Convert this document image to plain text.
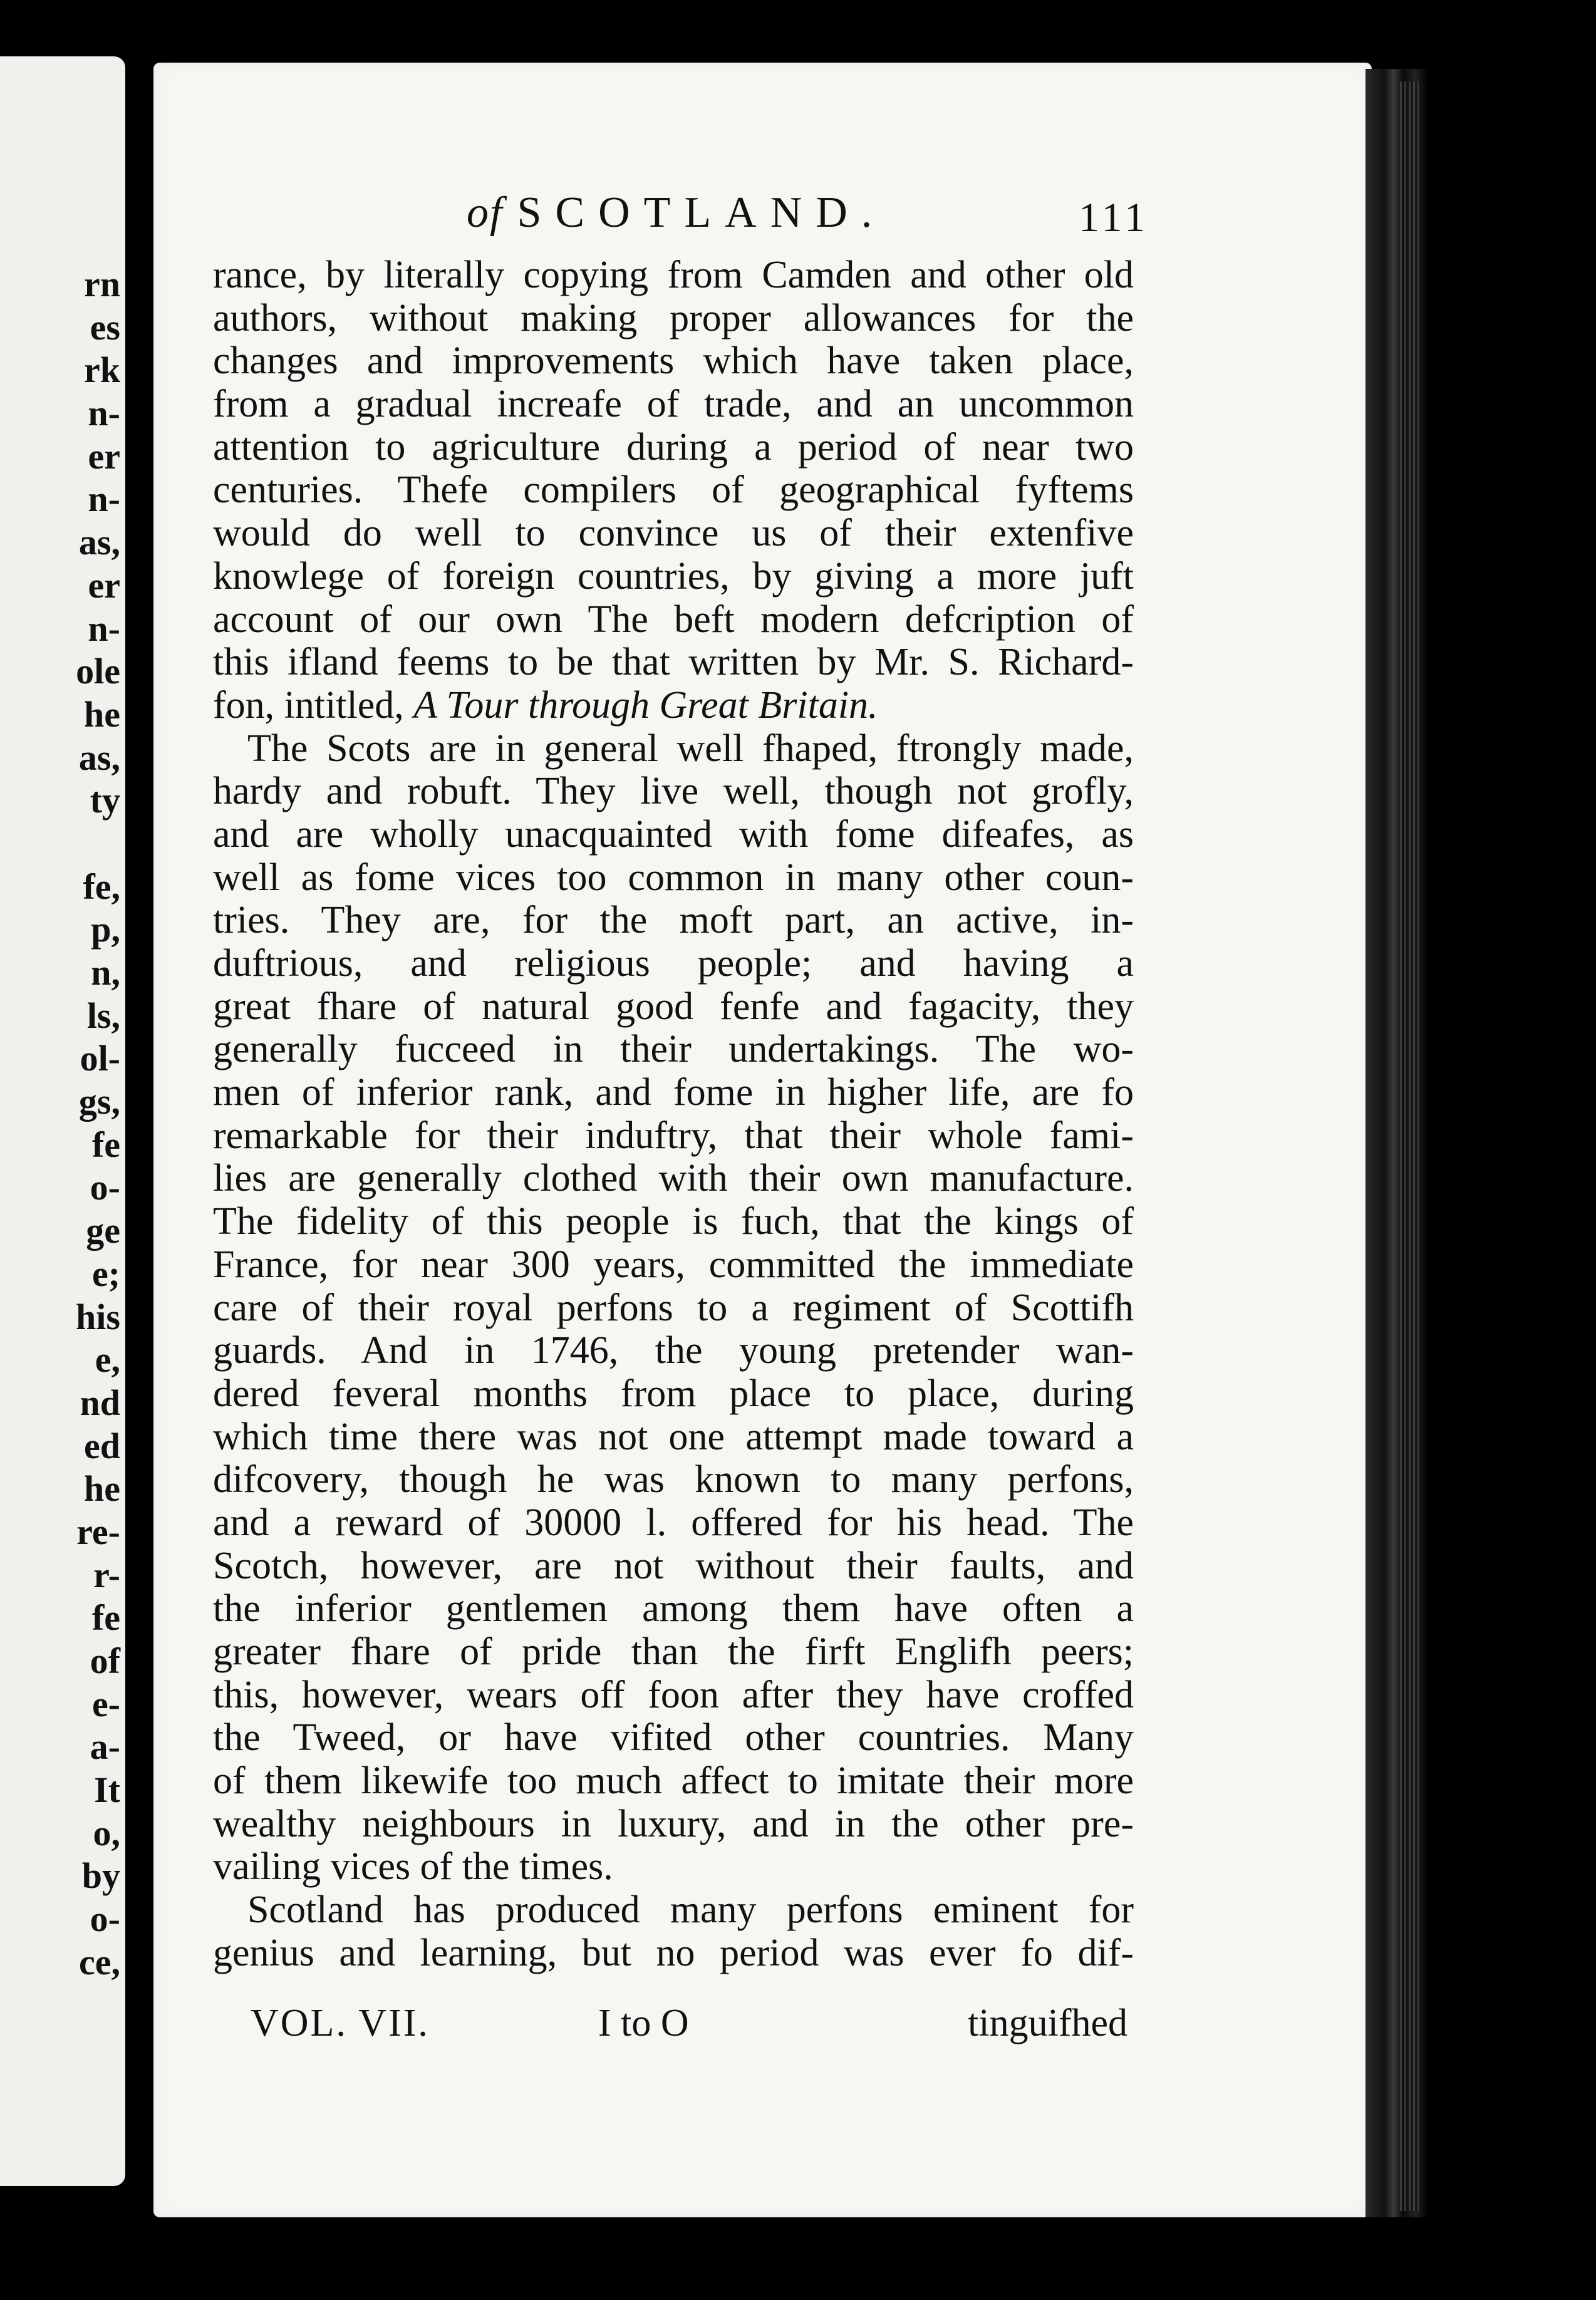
rn
es
rk
n-
er
n-
as,
er
n-
ole
he
as,
ty
fe,
p,
n,
ls,
ol-
gs,
fe
o-
ge
e;
his
e,
nd
ed
he
re-
r-
fe
of
e-
a-
It
o,
by
o-
ce,
of SCOTLAND.	111
rance, by literally copying from Camden and other old
authors, without making proper allowances for the
changes and improvements which have taken place,
from a gradual increafe of trade, and an uncommon
attention to agriculture during a period of near two
centuries. Thefe compilers of geographical fyftems
would do well to convince us of their extenfive
knowlege of foreign countries, by giving a more juft
account of our own The beft modern defcription of
this ifland feems to be that written by Mr. S. Richard-
fon, intitled, A Tour through Great Britain.
The Scots are in general well fhaped, ftrongly made,
hardy and robuft. They live well, though not grofly,
and are wholly unacquainted with fome difeafes, as
well as fome vices too common in many other coun-
tries. They are, for the moft part, an active, in-
duftrious, and religious people; and having a
great fhare of natural good fenfe and fagacity, they
generally fucceed in their undertakings. The wo-
men of inferior rank, and fome in higher life, are fo
remarkable for their induftry, that their whole fami-
lies are generally clothed with their own manufacture.
The fidelity of this people is fuch, that the kings of
France, for near 300 years, committed the immediate
care of their royal perfons to a regiment of Scottifh
guards. And in 1746, the young pretender wan-
dered feveral months from place to place, during
which time there was not one attempt made toward a
difcovery, though he was known to many perfons,
and a reward of 30000 l. offered for his head. The
Scotch, however, are not without their faults, and
the inferior gentlemen among them have often a
greater fhare of pride than the firft Englifh peers;
this, however, wears off foon after they have croffed
the Tweed, or have vifited other countries. Many
of them likewife too much affect to imitate their more
wealthy neighbours in luxury, and in the other pre-
vailing vices of the times.
Scotland has produced many perfons eminent for
genius and learning, but no period was ever fo dif-
VOL. VII.	I to O	tinguifhed
